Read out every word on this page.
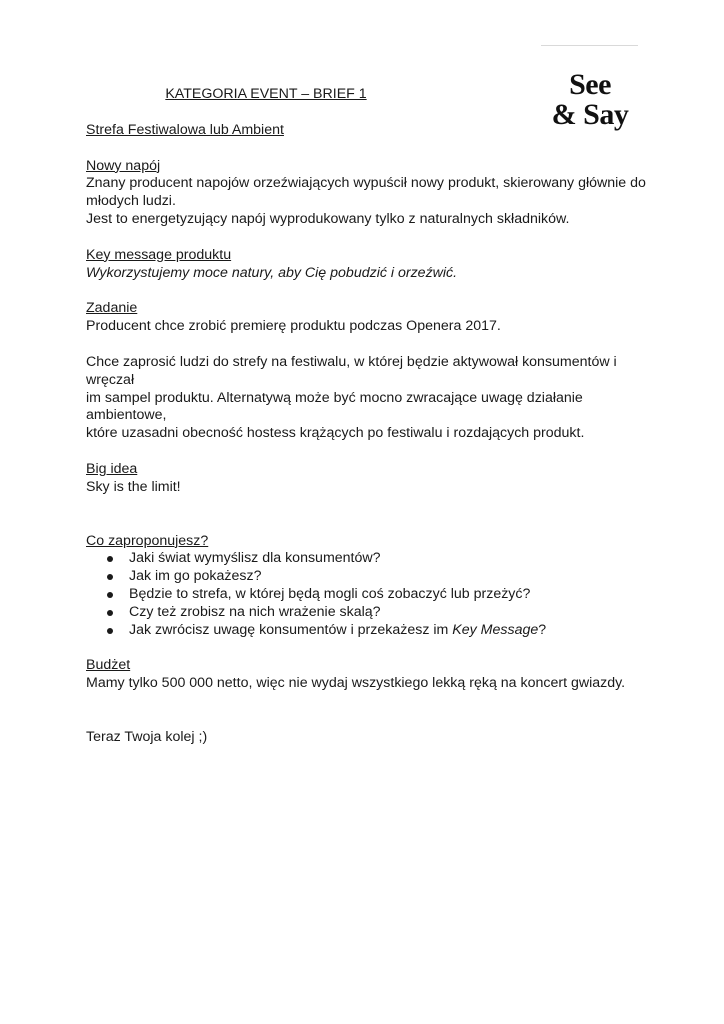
See
& Say
KATEGORIA EVENT – BRIEF 1

Strefa Festiwalowa lub Ambient

Nowy napój

Znany producent napojów orzeźwiających wypuścił nowy produkt, skierowany głównie do

młodych ludzi.

Jest to energetyzujący napój wyprodukowany tylko z naturalnych składników.

Key message produktu

Wykorzystujemy moce natury, aby Cię pobudzić i orzeźwić.

Zadanie

Producent chce zrobić premierę produktu podczas Openera 2017.

Chce zaprosić ludzi do strefy na festiwalu, w której będzie aktywował konsumentów i wręczał

im sampel produktu. Alternatywą może być mocno zwracające uwagę działanie ambientowe,

które uzasadni obecność hostess krążących po festiwalu i rozdających produkt.

Big idea

Sky is the limit!

Co zaproponujesz?

Jaki świat wymyślisz dla konsumentów?
Jak im go pokażesz?
Będzie to strefa, w której będą mogli coś zobaczyć lub przeżyć?
Czy też zrobisz na nich wrażenie skalą?
Jak zwrócisz uwagę konsumentów i przekażesz im Key Message?

Budżet

Mamy tylko 500 000 netto, więc nie wydaj wszystkiego lekką ręką na koncert gwiazdy.

Teraz Twoja kolej ;)
